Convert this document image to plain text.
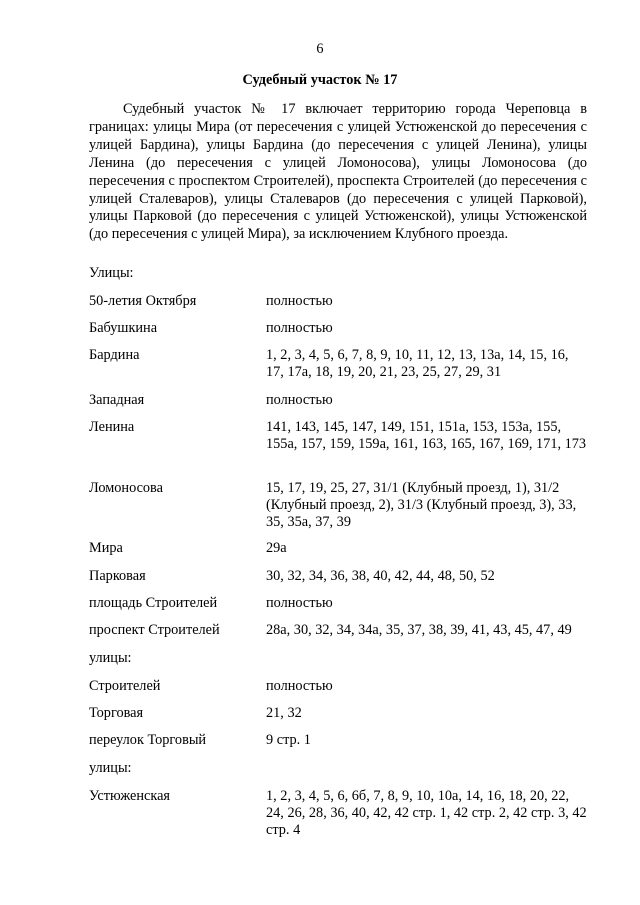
6
Судебный участок № 17

Судебный участок № 17 включает территорию города Череповца в границах: улицы Мира (от пересечения с улицей Устюженской до пересечения с улицей Бардина), улицы Бардина (до пересечения с улицей Ленина), улицы Ленина (до пересечения с улицей Ломоносова), улицы Ломоносова (до пересечения с проспектом Строителей), проспекта Строителей (до пересечения с улицей Сталеваров), улицы Сталеваров (до пересечения с улицей Парковой), улицы Парковой (до пересечения с улицей Устюженской), улицы Устюженской (до пересечения с улицей Мира), за исключением Клубного проезда.

Улицы:
50-летия Октября	полностью
Бабушкина	полностью
Бардина	1, 2, 3, 4, 5, 6, 7, 8, 9, 10, 11, 12, 13, 13а, 14, 15, 16, 17, 17а, 18, 19, 20, 21, 23, 25, 27, 29, 31
Западная	полностью
Ленина	141, 143, 145, 147, 149, 151, 151а, 153, 153а, 155, 155а, 157, 159, 159а, 161, 163, 165, 167, 169, 171, 173
Ломоносова	15, 17, 19, 25, 27, 31/1 (Клубный проезд, 1), 31/2 (Клубный проезд, 2), 31/3 (Клубный проезд, 3), 33, 35, 35а, 37, 39
Мира	29а
Парковая	30, 32, 34, 36, 38, 40, 42, 44, 48, 50, 52
площадь Строителей	полностью
проспект Строителей	28а, 30, 32, 34, 34а, 35, 37, 38, 39, 41, 43, 45, 47, 49
улицы:
Строителей	полностью
Торговая	21, 32
переулок Торговый	9 стр. 1
улицы:
Устюженская	1, 2, 3, 4, 5, 6, 6б, 7, 8, 9, 10, 10а, 14, 16, 18, 20, 22, 24, 26, 28, 36, 40, 42, 42 стр. 1, 42 стр. 2, 42 стр. 3, 42 стр. 4
